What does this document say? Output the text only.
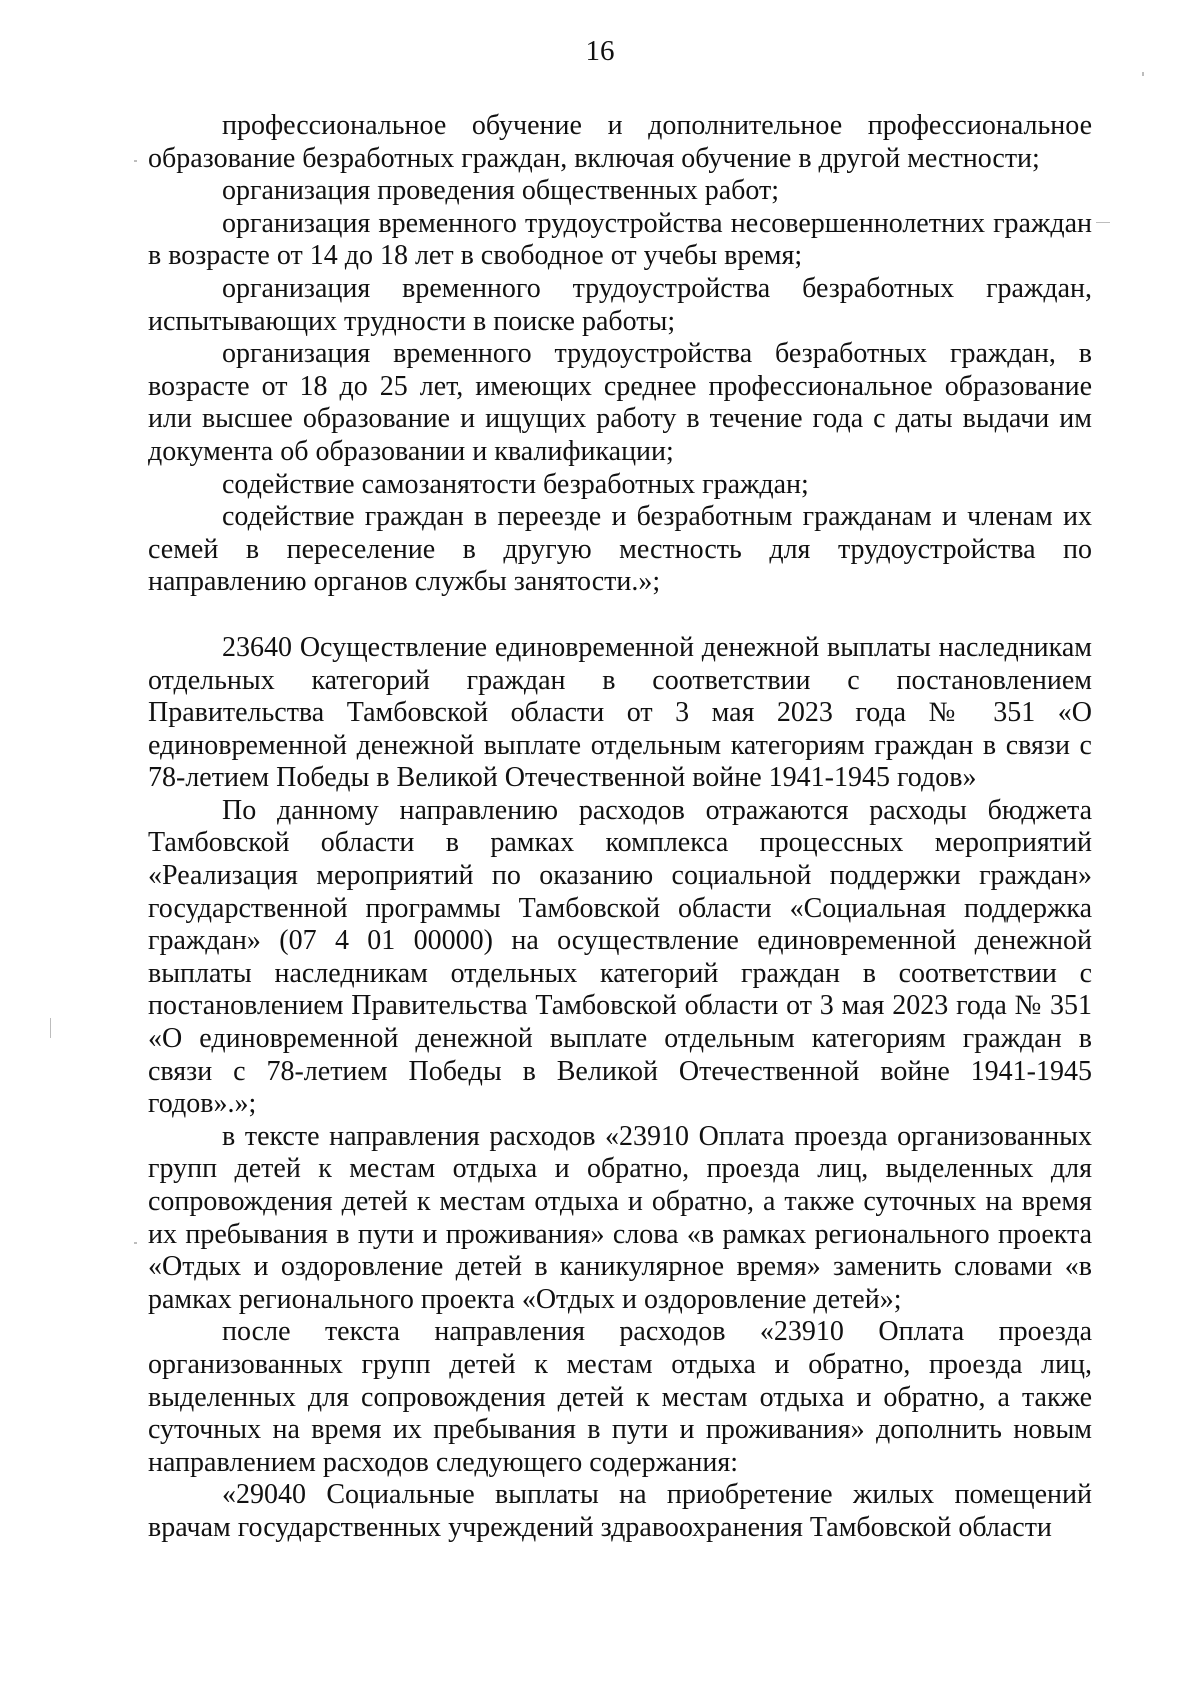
16

профессиональное обучение и дополнительное профессиональное образование безработных граждан, включая обучение в другой местности;

организация проведения общественных работ;

организация временного трудоустройства несовершеннолетних граждан в возрасте от 14 до 18 лет в свободное от учебы время;

организация временного трудоустройства безработных граждан, испытывающих трудности в поиске работы;

организация временного трудоустройства безработных граждан, в возрасте от 18 до 25 лет, имеющих среднее профессиональное образование или высшее образование и ищущих работу в течение года с даты выдачи им документа об образовании и квалификации;

содействие самозанятости безработных граждан;

содействие граждан в переезде и безработным гражданам и членам их семей в переселение в другую местность для трудоустройства по направлению органов службы занятости.»;

23640 Осуществление единовременной денежной выплаты наследникам отдельных категорий граждан в соответствии с постановлением Правительства Тамбовской области от 3 мая 2023 года № 351 «О единовременной денежной выплате отдельным категориям граждан в связи с 78-летием Победы в Великой Отечественной войне 1941-1945 годов»

По данному направлению расходов отражаются расходы бюджета Тамбовской области в рамках комплекса процессных мероприятий «Реализация мероприятий по оказанию социальной поддержки граждан» государственной программы Тамбовской области «Социальная поддержка граждан» (07 4 01 00000) на осуществление единовременной денежной выплаты наследникам отдельных категорий граждан в соответствии с постановлением Правительства Тамбовской области от 3 мая 2023 года № 351 «О единовременной денежной выплате отдельным категориям граждан в связи с 78-летием Победы в Великой Отечественной войне 1941-1945 годов».»;

в тексте направления расходов «23910 Оплата проезда организованных групп детей к местам отдыха и обратно, проезда лиц, выделенных для сопровождения детей к местам отдыха и обратно, а также суточных на время их пребывания в пути и проживания» слова «в рамках регионального проекта «Отдых и оздоровление детей в каникулярное время» заменить словами «в рамках регионального проекта «Отдых и оздоровление детей»;

после текста направления расходов «23910 Оплата проезда организованных групп детей к местам отдыха и обратно, проезда лиц, выделенных для сопровождения детей к местам отдыха и обратно, а также суточных на время их пребывания в пути и проживания» дополнить новым направлением расходов следующего содержания:

«29040 Социальные выплаты на приобретение жилых помещений врачам государственных учреждений здравоохранения Тамбовской области
